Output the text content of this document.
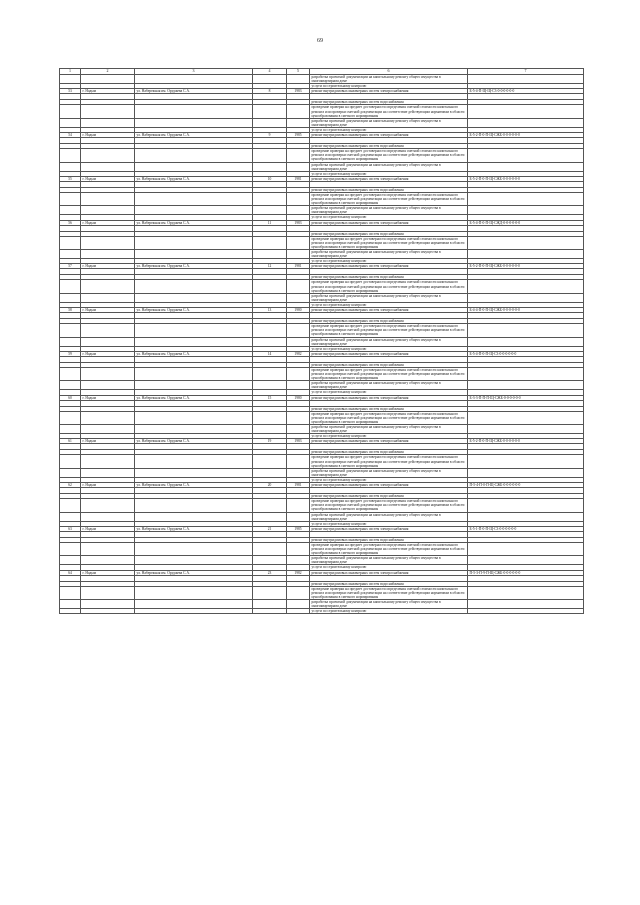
69
1	2	3	4	5	6	7
					разработка проектной документации на капитальному ремонту общего имущества в многоквартирном доме	
					услуги по строительному контролю	
53	г. Надым	ул. Набережная им. Оруджева С.А.	8	1983	ремонт внутридомовых инженерных систем электроснабжения	Б-5-4-П-Щ-Щ-С3-0-0-0-0-0-0

					ремонт внутридомовых инженерных систем водоснабжения	
					проведение проверки на предмет достоверности определения сметной стоимости капитального ремонта или проверки сметной документации на соответствие действующим нормативам в области ценообразования в сметного нормирования	
					разработка проектной документации на капитальному ремонту общего имущества в многоквартирном доме	
					услуги по строительному контролю	
54	г. Надым	ул. Набережная им. Оруджева С.А.	9	1985	ремонт внутридомовых инженерных систем электроснабжения	Б-5-2-П-0-П-Щ-СЖБ-0-0-0-0-0-0

					ремонт внутридомовых инженерных систем водоснабжения	
					проведение проверки на предмет достоверности определения сметной стоимости капитального ремонта или проверки сметной документации на соответствие действующим нормативам в области ценообразования в сметного нормирования	
					разработка проектной документации на капитальному ремонту общего имущества в многоквартирном доме	
					услуги по строительному контролю	
55	г. Надым	ул. Набережная им. Оруджева С.А.	10	1981	ремонт внутридомовых инженерных систем электроснабжения	Б-5-2-П-0-П-Щ-СЖБ-0-0-0-0-0-0

					ремонт внутридомовых инженерных систем водоснабжения	
					проведение проверки на предмет достоверности определения сметной стоимости капитального ремонта или проверки сметной документации на соответствие действующим нормативам в области ценообразования в сметного нормирования	
					разработка проектной документации на капитальному ремонту общего имущества в многоквартирном доме	
					услуги по строительному контролю	
56	г. Надым	ул. Набережная им. Оруджева С.А.	11	1983	ремонт внутридомовых инженерных систем электроснабжения	Б-5-4-П-0-П-Щ-СЖД-0-0-0-0-0-0

					ремонт внутридомовых инженерных систем водоснабжения	
					проведение проверки на предмет достоверности определения сметной стоимости капитального ремонта или проверки сметной документации на соответствие действующим нормативам в области ценообразования в сметного нормирования	
					разработка проектной документации на капитальному ремонту общего имущества в многоквартирном доме	
					услуги по строительному контролю	
57	г. Надым	ул. Набережная им. Оруджева С.А.	12	1981	ремонт внутридомовых инженерных систем электроснабжения	Б-5-2-П-0-П-Щ-СЖБ-0-0-0-0-0-0

					ремонт внутридомовых инженерных систем водоснабжения	
					проведение проверки на предмет достоверности определения сметной стоимости капитального ремонта или проверки сметной документации на соответствие действующим нормативам в области ценообразования в сметного нормирования	
					разработка проектной документации на капитальному ремонту общего имущества в многоквартирном доме	
					услуги по строительному контролю	
58	г. Надым	ул. Набережная им. Оруджева С.А.	13	1980	ремонт внутридомовых инженерных систем электроснабжения	Б-4-4-П-0-П-Щ-СЖБ-0-0-0-0-0-0

					ремонт внутридомовых инженерных систем водоснабжения	
					проведение проверки на предмет достоверности определения сметной стоимости капитального ремонта или проверки сметной документации на соответствие действующим нормативам в области ценообразования в сметного нормирования	
					разработка проектной документации на капитальному ремонту общего имущества в многоквартирном доме	
					услуги по строительному контролю	
59	г. Надым	ул. Набережная им. Оруджева С.А.	14	1982	ремонт внутридомовых инженерных систем электроснабжения	Б-5-4-П-0-П-Щ-С3-0-0-0-0-0-0

					ремонт внутридомовых инженерных систем водоснабжения	
					проведение проверки на предмет достоверности определения сметной стоимости капитального ремонта или проверки сметной документации на соответствие действующим нормативам в области ценообразования в сметного нормирования	
					разработка проектной документации на капитальному ремонту общего имущества в многоквартирном доме	
					услуги по строительному контролю	
60	г. Надым	ул. Набережная им. Оруджева С.А.	15	1980	ремонт внутридомовых инженерных систем электроснабжения	Б-3-3-П-П-П-Щ-СЖБ-0-0-0-0-0-0

					ремонт внутридомовых инженерных систем водоснабжения	
					проведение проверки на предмет достоверности определения сметной стоимости капитального ремонта или проверки сметной документации на соответствие действующим нормативам в области ценообразования в сметного нормирования	
					разработка проектной документации на капитальному ремонту общего имущества в многоквартирном доме	
					услуги по строительному контролю	
61	г. Надым	ул. Набережная им. Оруджева С.А.	19	1983	ремонт внутридомовых инженерных систем электроснабжения	Б-5-2-П-0-П-Щ-СЖБ-0-0-0-0-0-0

					ремонт внутридомовых инженерных систем водоснабжения	
					проведение проверки на предмет достоверности определения сметной стоимости капитального ремонта или проверки сметной документации на соответствие действующим нормативам в области ценообразования в сметного нормирования	
					разработка проектной документации на капитальному ремонту общего имущества в многоквартирном доме	
					услуги по строительному контролю	
62	г. Надым	ул. Набережная им. Оруджева С.А.	20	1981	ремонт внутридомовых инженерных систем электроснабжения	П-5-4-П-0-П-Щ-СЖБ-0-0-0-0-0-0

					ремонт внутридомовых инженерных систем водоснабжения	
					проведение проверки на предмет достоверности определения сметной стоимости капитального ремонта или проверки сметной документации на соответствие действующим нормативам в области ценообразования в сметного нормирования	
					разработка проектной документации на капитальному ремонту общего имущества в многоквартирном доме	
					услуги по строительному контролю	
63	г. Надым	ул. Набережная им. Оруджева С.А.	21	1985	ремонт внутридомовых инженерных систем электроснабжения	Б-5-1-П-0-П-Щ-С3-0-0-0-0-0-0

					ремонт внутридомовых инженерных систем водоснабжения	
					проведение проверки на предмет достоверности определения сметной стоимости капитального ремонта или проверки сметной документации на соответствие действующим нормативам в области ценообразования в сметного нормирования	
					разработка проектной документации на капитальному ремонту общего имущества в многоквартирном доме	
					услуги по строительному контролю	
64	г. Надым	ул. Набережная им. Оруджева С.А.	23	1982	ремонт внутридомовых инженерных систем электроснабжения	П-5-3-П-9-П-Щ-СЖБ-0-0-0-0-0-0

					ремонт внутридомовых инженерных систем водоснабжения	
					проведение проверки на предмет достоверности определения сметной стоимости капитального ремонта или проверки сметной документации на соответствие действующим нормативам в области ценообразования в сметного нормирования	
					разработка проектной документации на капитальному ремонту общего имущества в многоквартирном доме	
					услуги по строительному контролю	
